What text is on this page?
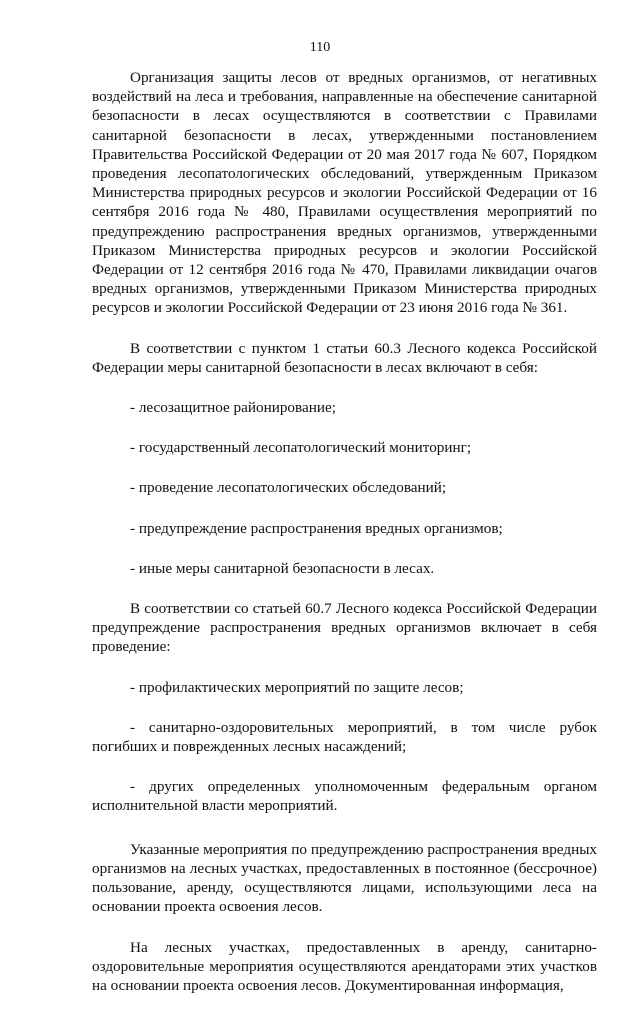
110

Организация защиты лесов от вредных организмов, от негативных воздействий на леса и требования, направленные на обеспечение санитарной безопасности в лесах осуществляются в соответствии с Правилами санитарной безопасности в лесах, утвержденными постановлением Правительства Российской Федерации от 20 мая 2017 года № 607, Порядком проведения лесопатологических обследований, утвержденным Приказом Министерства природных ресурсов и экологии Российской Федерации от 16 сентября 2016 года № 480, Правилами осуществления мероприятий по предупреждению распространения вредных организмов, утвержденными Приказом Министерства природных ресурсов и экологии Российской Федерации от 12 сентября 2016 года № 470, Правилами ликвидации очагов вредных организмов, утвержденными Приказом Министерства природных ресурсов и экологии Российской Федерации от 23 июня 2016 года № 361.

В соответствии с пунктом 1 статьи 60.3 Лесного кодекса Российской Федерации меры санитарной безопасности в лесах включают в себя:

- лесозащитное районирование;

- государственный лесопатологический мониторинг;

- проведение лесопатологических обследований;

- предупреждение распространения вредных организмов;

- иные меры санитарной безопасности в лесах.

В соответствии со статьей 60.7 Лесного кодекса Российской Федерации предупреждение распространения вредных организмов включает в себя проведение:

- профилактических мероприятий по защите лесов;

- санитарно-оздоровительных мероприятий, в том числе рубок погибших и поврежденных лесных насаждений;

- других определенных уполномоченным федеральным органом исполнительной власти мероприятий.

Указанные мероприятия по предупреждению распространения вредных организмов на лесных участках, предоставленных в постоянное (бессрочное) пользование, аренду, осуществляются лицами, использующими леса на основании проекта освоения лесов.

На лесных участках, предоставленных в аренду, санитарно-оздоровительные мероприятия осуществляются арендаторами этих участков на основании проекта освоения лесов. Документированная информация,
